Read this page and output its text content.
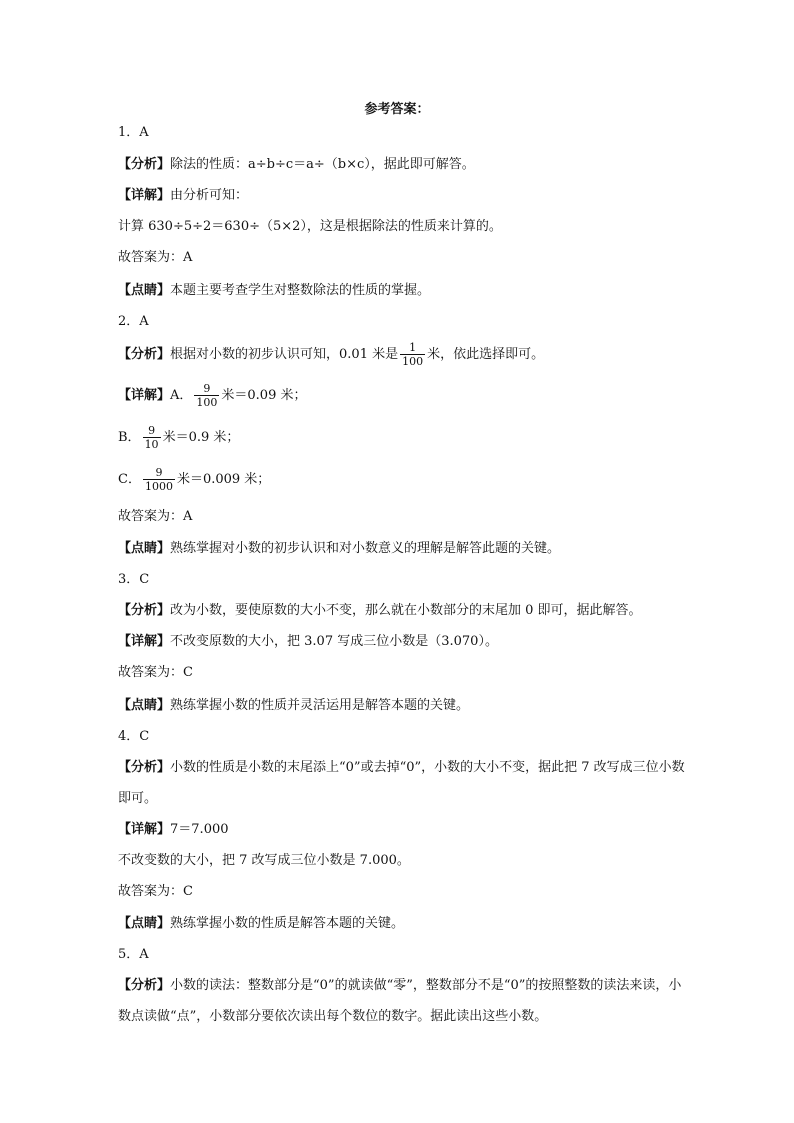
参考答案：
1．A
【分析】除法的性质：a÷b÷c＝a÷（b×c），据此即可解答。
【详解】由分析可知：
计算 630÷5÷2＝630÷（5×2），这是根据除法的性质来计算的。
故答案为：A
【点睛】本题主要考查学生对整数除法的性质的掌握。
2．A
【分析】根据对小数的初步认识可知，0.01 米是 $\frac{1}{100}$ 米，依此选择即可。
【详解】A． $\frac{9}{100}$ 米＝0.09 米；
B． $\frac{9}{10}$ 米＝0.9 米；
C． $\frac{9}{1000}$ 米＝0.009 米；
故答案为：A
【点睛】熟练掌握对小数的初步认识和对小数意义的理解是解答此题的关键。
3．C
【分析】改为小数，要使原数的大小不变，那么就在小数部分的末尾加 0 即可，据此解答。
【详解】不改变原数的大小，把 3.07 写成三位小数是（3.070）。
故答案为：C
【点睛】熟练掌握小数的性质并灵活运用是解答本题的关键。
4．C
【分析】小数的性质是小数的末尾添上“0”或去掉“0”，小数的大小不变，据此把 7 改写成三位小数即可。
【详解】7＝7.000
不改变数的大小，把 7 改写成三位小数是 7.000。
故答案为：C
【点睛】熟练掌握小数的性质是解答本题的关键。
5．A
【分析】小数的读法：整数部分是“0”的就读做“零”，整数部分不是“0”的按照整数的读法来读，小数点读做“点”，小数部分要依次读出每个数位的数字。据此读出这些小数。
